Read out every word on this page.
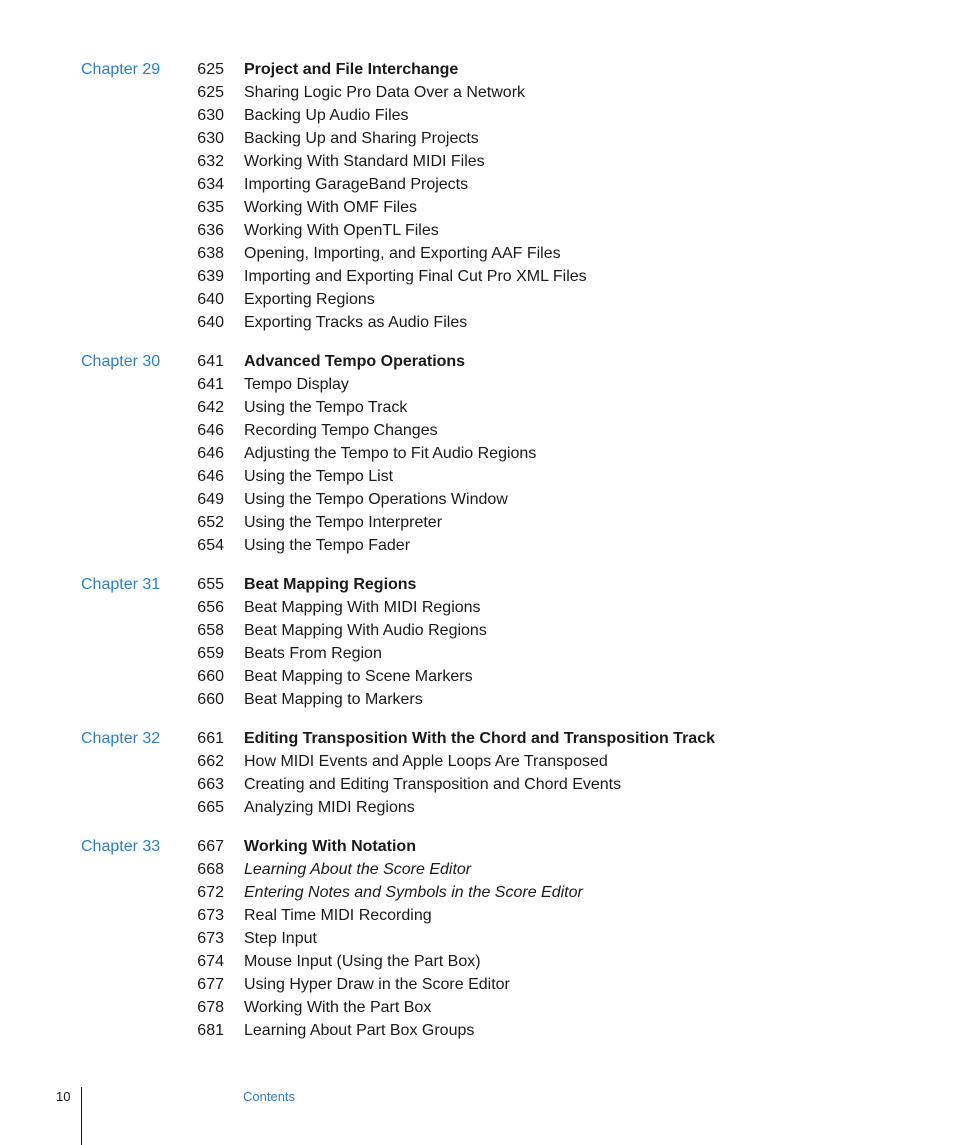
Chapter 29	625 Project and File Interchange
625 Sharing Logic Pro Data Over a Network
630 Backing Up Audio Files
630 Backing Up and Sharing Projects
632 Working With Standard MIDI Files
634 Importing GarageBand Projects
635 Working With OMF Files
636 Working With OpenTL Files
638 Opening, Importing, and Exporting AAF Files
639 Importing and Exporting Final Cut Pro XML Files
640 Exporting Regions
640 Exporting Tracks as Audio Files
Chapter 30	641 Advanced Tempo Operations
641 Tempo Display
642 Using the Tempo Track
646 Recording Tempo Changes
646 Adjusting the Tempo to Fit Audio Regions
646 Using the Tempo List
649 Using the Tempo Operations Window
652 Using the Tempo Interpreter
654 Using the Tempo Fader
Chapter 31	655 Beat Mapping Regions
656 Beat Mapping With MIDI Regions
658 Beat Mapping With Audio Regions
659 Beats From Region
660 Beat Mapping to Scene Markers
660 Beat Mapping to Markers
Chapter 32	661 Editing Transposition With the Chord and Transposition Track
662 How MIDI Events and Apple Loops Are Transposed
663 Creating and Editing Transposition and Chord Events
665 Analyzing MIDI Regions
Chapter 33	667 Working With Notation
668 Learning About the Score Editor
672 Entering Notes and Symbols in the Score Editor
673 Real Time MIDI Recording
673 Step Input
674 Mouse Input (Using the Part Box)
677 Using Hyper Draw in the Score Editor
678 Working With the Part Box
681 Learning About Part Box Groups
10	Contents
